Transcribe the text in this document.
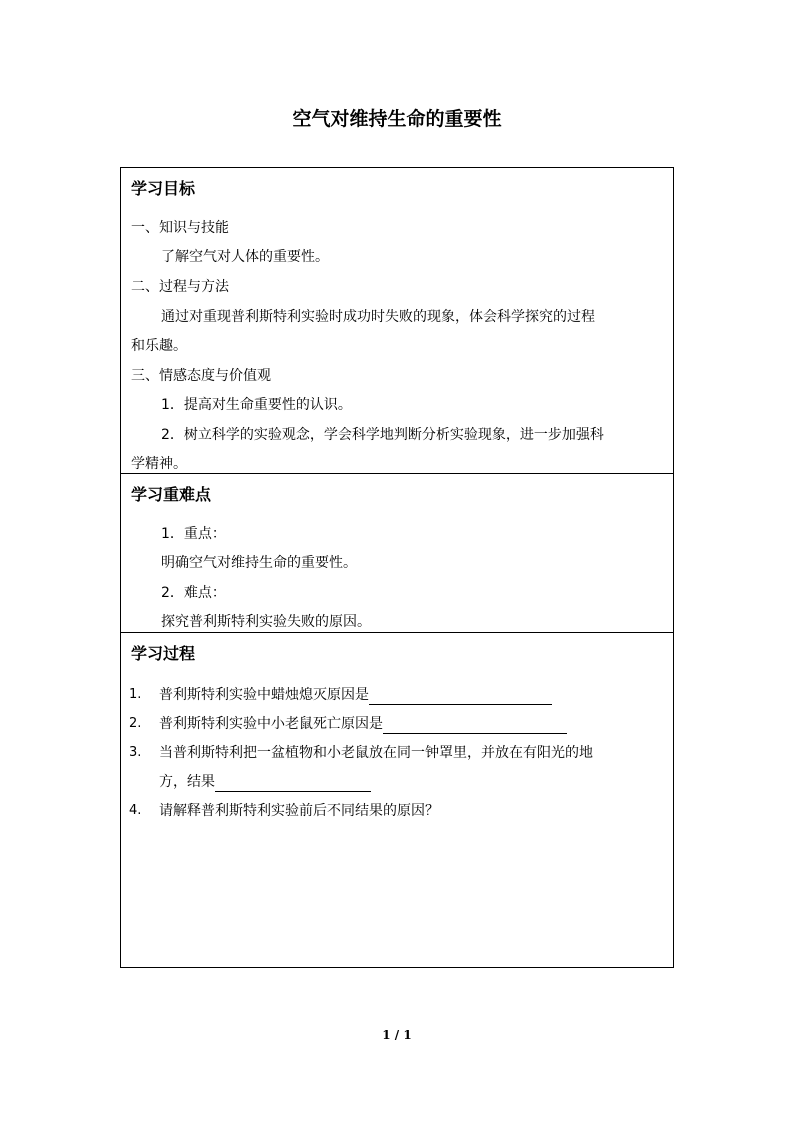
空气对维持生命的重要性
学习目标
一、知识与技能
了解空气对人体的重要性。
二、过程与方法
通过对重现普利斯特利实验时成功时失败的现象，体会科学探究的过程
和乐趣。
三、情感态度与价值观
1．提高对生命重要性的认识。
2．树立科学的实验观念，学会科学地判断分析实验现象，进一步加强科
学精神。
学习重难点
1．重点：
明确空气对维持生命的重要性。
2．难点：
探究普利斯特利实验失败的原因。
学习过程
1. 普利斯特利实验中蜡烛熄灭原因是
2. 普利斯特利实验中小老鼠死亡原因是
3. 当普利斯特利把一盆植物和小老鼠放在同一钟罩里，并放在有阳光的地
方，结果
4. 请解释普利斯特利实验前后不同结果的原因？
1 / 1
